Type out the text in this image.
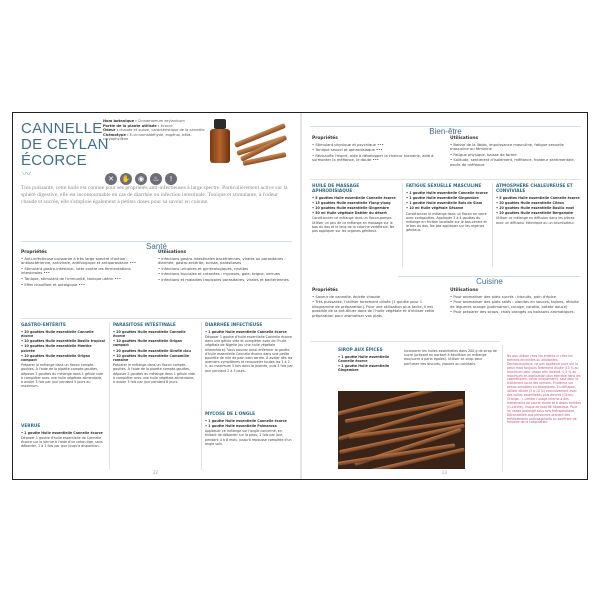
CANNELLE
DE CEYLAN
ÉCORCE
〰
Nom botanique : Cinnamomum zeylanicum
Partie de la plante utilisée : écorce
Odeur : chaude et suave, caractéristique de la cannelle
Chémotype : E-cinnamaldéhyde, eugénol, bêta-caryophyllène
✕ ✋ ◉ ♨ !
Très puissante, cette huile est connue pour ses propriétés anti-infectieuses à large spectre. Particulièrement active sur la sphère digestive, elle est incontournable en cas de diarrhée ou infection intestinale. Tonique et stimulante, à l'odeur chaude et sucrée, elle s'emploie également à petites doses pour sa saveur en cuisine.
Santé
Propriétés

• Anti-infectieuse puissante à très large spectre d'action : antibactérienne, antivirale, antifongique et antiparasitaire •••

• Stimulant gastro-intestinal, lutte contre les fermentations intestinales •••

• Tonique, stimulant de l'immunité, tonique utérin •••

• Effet chauffant et antalgique •••

Utilisations

• Infections gastro-intestinales bactériennes, virales ou parasitaires : diarrhée, gastro-entérite, turista, parasitoses

• Infections urinaires et gynécologiques, cystites

• Infections buccales et cutanées : mycoses, gale, teigne, verrues

• Infections et maladies tropicales parasitaires, virales et bactériennes

GASTRO-ENTÉRITE

• 20 gouttes Huile essentielle Cannelle écorce

• 10 gouttes Huile essentielle Basilic tropical

• 10 gouttes Huile essentielle Menthe poivrée

• 10 gouttes Huile essentielle Origan compact

Préparer le mélange dans un flacon compte-gouttes. À l'aide de la pipette compte-gouttes, déposer 2 gouttes du mélange dans 1 gélule vide à compléter avec une huile végétale alimentaire, à avaler 3 fois par jour pendant 5 jours au maximum.

VERRUE

• 1 goutte Huile essentielle Cannelle écorce

Déposer 1 goutte d'huile essentielle de Cannelle écorce sur la verrue à l'aide d'un coton-tige, sans déborder, 1 à 2 fois par jour jusqu'à disparition.

PARASITOSE INTESTINALE

• 20 gouttes Huile essentielle Cannelle écorce

• 10 gouttes Huile essentielle Origan compact

• 20 gouttes Huile essentielle Giroflé clou

• 10 gouttes Huile essentielle Camomille romaine

Préparer le mélange dans un flacon compte-gouttes. À l'aide de la pipette compte-gouttes, déposer 2 gouttes du mélange dans 1 gélule vide à compléter avec une huile végétale alimentaire, à avaler 3 fois par jour pendant 8 jours.

DIARRHÉE INFECTIEUSE

• 1 goutte Huile essentielle Cannelle écorce

Déposer 1 goutte d'huile essentielle Cannelle écorce dans une gélule vide et compléter avec de l'huile végétale de Nigelle (ou une huile végétale alimentaire). Vous pouvez aussi enfermer la goutte d'huile essentielle Cannelle écorce dans une petite boulette de mie de pain bien serrée. À avaler dès les premiers symptômes et renouveler toutes les 1 à 2 h, au maximum 5 fois dans la journée, puis 3 fois par jour pendant 2 à 3 jours.

MYCOSE DE L'ONGLE

• 1 goutte Huile essentielle Cannelle écorce

• 1 goutte Huile essentielle Palmarosa

Appliquer ce mélange sur l'ongle concerné, en évitant de déborder sur la peau, 2 fois par jour, pendant 4 à 6 mois, jusqu'à repousse complète d'un ongle sain.

22
Bien-être
Propriétés

• Stimulant physique et psychique •••

• Tonique sexuel et aphrodisiaque •••

• Réchauffe l'esprit, aide à développer la chaleur humaine, aide à surmonter la méfiance, le doute •••

Utilisations

• Baisse de la libido, impuissance masculine, fatigue sexuelle masculine ou féminine

• Fatigue physique, baisse de forme

• Solitude, sentiment d'isolement, méfiance, froideur sentimentale, excès de méfiance

HUILE DE MASSAGE APHRODISIAQUE

• 5 gouttes Huile essentielle Cannelle écorce

• 15 gouttes Huile essentielle Ylang-ylang

• 20 gouttes Huile essentielle Gingembre

• 50 ml Huile végétale Dattier du désert

Conditionner ce mélange dans un flacon-pompe. Utiliser un peu de ce mélange en massage sur le bas du dos et le long de la colonne vertébrale. Ne pas appliquer sur les organes génitaux.

FATIGUE SEXUELLE MASCULINE

• 1 goutte Huile essentielle Cannelle écorce

• 1 goutte Huile essentielle Gingembre

• 1 goutte Huile essentielle Bois de Siam

• 10 ml Huile végétale Sésame

Conditionner le mélange dans un flacon en verre avec codigouttes. Appliquer 3 à 4 gouttes du mélange en friction localisée sur le bas-ventre et le bas du dos. Ne pas appliquer sur les organes génitaux.

ATMOSPHÈRE CHALEUREUSE ET CONVIVIALE

• 5 gouttes Huile essentielle Cannelle écorce

• 20 gouttes Huile essentielle Citron

• 20 gouttes Huile essentielle Basilic exot

• 20 gouttes Huile essentielle Bergamote

Utiliser ce mélange en diffusion dans les pièces avec un diffuseur électrique ou un brumisateur.

Cuisine
Propriétés

• Saveur de cannelle, épicée chaude

• Très puissante, l'utiliser fortement diluée (1 goutte pour 1 kilogramme de préparation). Pour une utilisation plus facile, il est possible de la pré-diluer dans de l'huile végétale et d'utiliser cette préparation pour aromatiser vos plats.

Utilisations

• Pour aromatiser des plats sucrés : biscuits, pain d'épice

• Pour aromatiser des plats salés : viandes en sauces, tajines, réduite de légumes orange (potimarron, courge, carotte, patate douce)

• Pour préparer des sirops, chaïs orangés ou boissons aromatiques.

SIROP AUX ÉPICES

• 1 goutte Huile essentielle Cannelle écorce

• 1 goutte Huile essentielle Gingembre

Incorporer les huiles essentielles dans 200 g de sirop de sucre (préparé en portant à ébullition un mélange eau/sucre à parts égales). Utiliser ce sirop pour parfumer des biscuits, yaourts ou cocktails.
Ne pas utiliser chez les enfants ni chez les femmes enceintes ou allaitantes. Dermocaustique, ne pas appliquer pure sur la peau mais toujours fortement diluée (10 % au maximum pour usage très localisé, 0,5 % au maximum en application plus étendue dans les cosmétiques, corps uniquement), sauf pour le traitement local des verrues. Prudence sur peaux sensibles ou allergiques. En diffusion, utiliser diluée (5 à 10 %) exclusivement avec des huiles essentielles plus douces (Citron, Orange...). Limiter l'usage interne à des traitements de courte durée et à doses limitées (ci-contre), risque de toxicité hépatique. Pour un usage prolongé sous avis thérapeutique. Déconseillée aux personnes prenant des médicaments anticoagulants ou souffrant de troubles de la coagulation.
23
